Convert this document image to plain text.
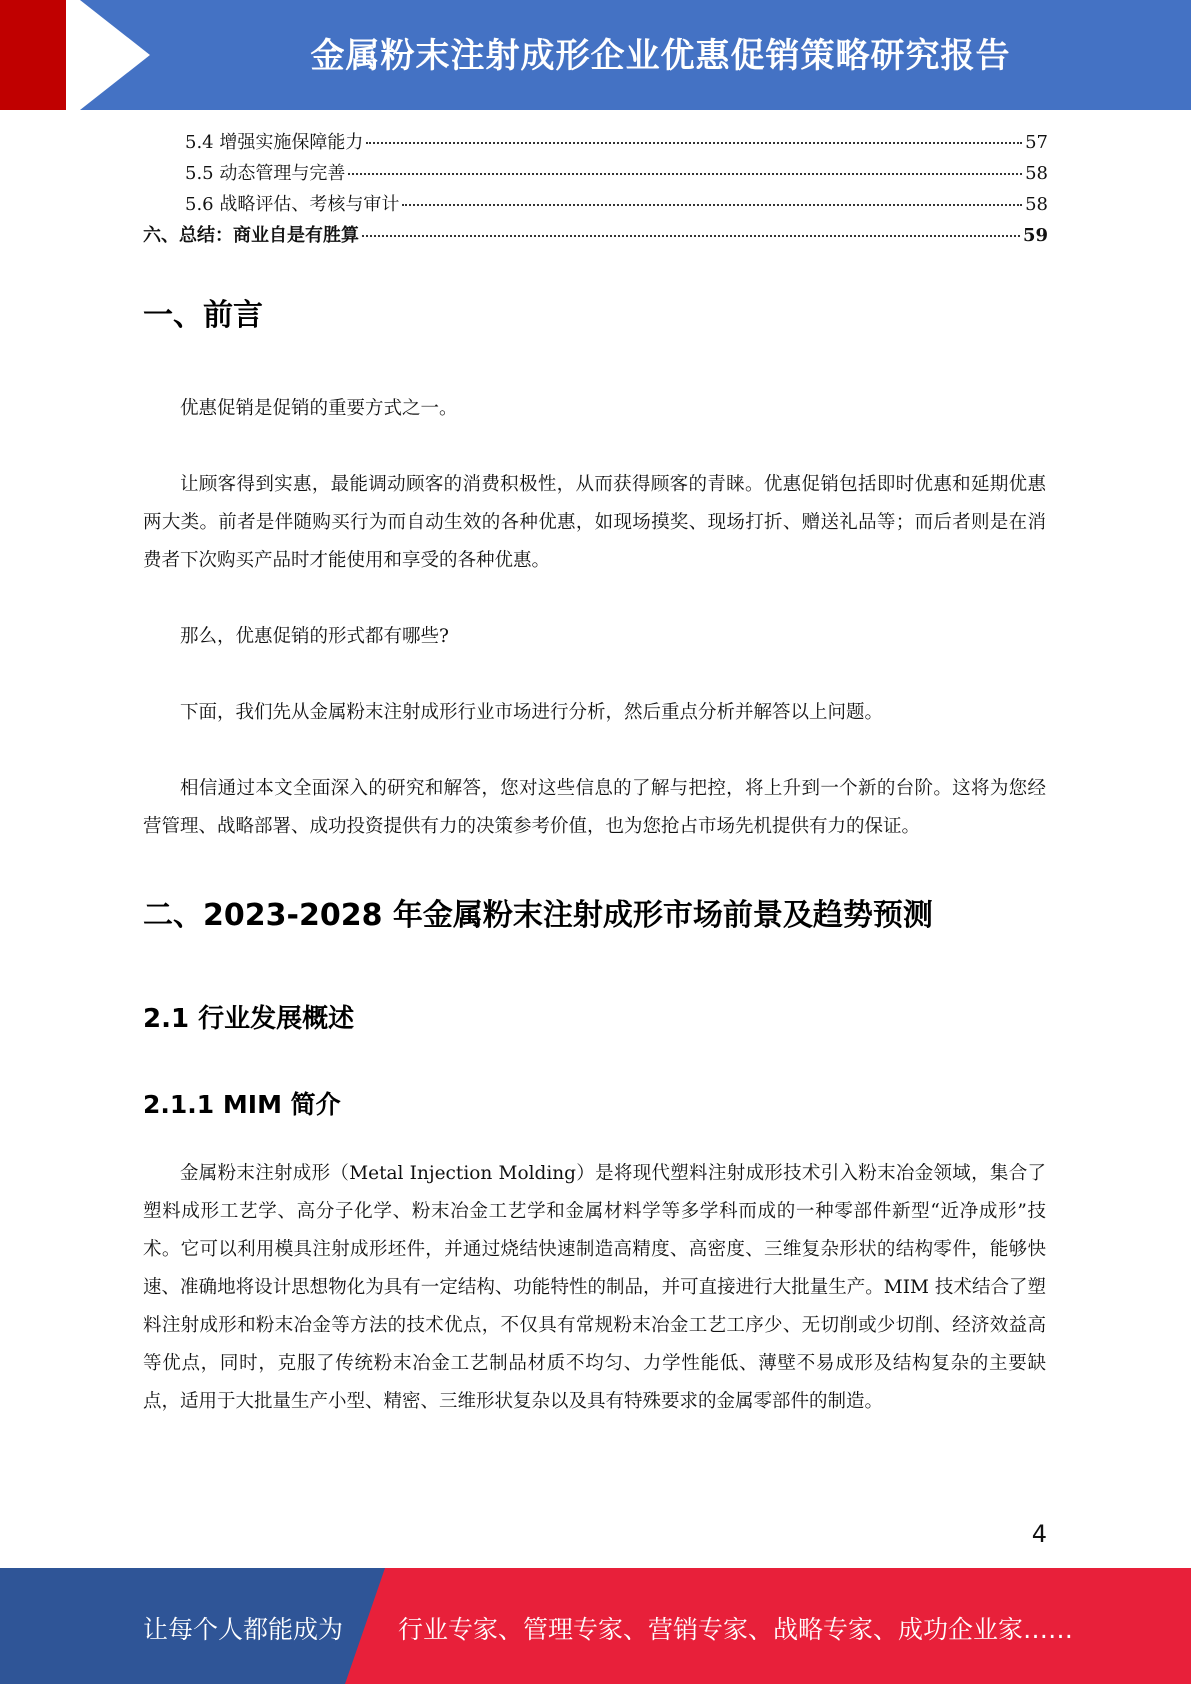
金属粉末注射成形企业优惠促销策略研究报告
5.4 增强实施保障能力	57
5.5 动态管理与完善	58
5.6 战略评估、考核与审计	58
六、总结：商业自是有胜算	59
一、前言

优惠促销是促销的重要方式之一。

让顾客得到实惠，最能调动顾客的消费积极性，从而获得顾客的青睐。优惠促销包括即时优惠和延期优惠两大类。前者是伴随购买行为而自动生效的各种优惠，如现场摸奖、现场打折、赠送礼品等；而后者则是在消费者下次购买产品时才能使用和享受的各种优惠。

那么，优惠促销的形式都有哪些?

下面，我们先从金属粉末注射成形行业市场进行分析，然后重点分析并解答以上问题。

相信通过本文全面深入的研究和解答，您对这些信息的了解与把控，将上升到一个新的台阶。这将为您经营管理、战略部署、成功投资提供有力的决策参考价值，也为您抢占市场先机提供有力的保证。

二、2023-2028 年金属粉末注射成形市场前景及趋势预测
2.1 行业发展概述
2.1.1 MIM 简介

金属粉末注射成形（Metal Injection Molding）是将现代塑料注射成形技术引入粉末冶金领域，集合了塑料成形工艺学、高分子化学、粉末冶金工艺学和金属材料学等多学科而成的一种零部件新型“近净成形”技术。它可以利用模具注射成形坯件，并通过烧结快速制造高精度、高密度、三维复杂形状的结构零件，能够快速、准确地将设计思想物化为具有一定结构、功能特性的制品，并可直接进行大批量生产。MIM 技术结合了塑料注射成形和粉末冶金等方法的技术优点，不仅具有常规粉末冶金工艺工序少、无切削或少切削、经济效益高等优点，同时，克服了传统粉末冶金工艺制品材质不均匀、力学性能低、薄壁不易成形及结构复杂的主要缺点，适用于大批量生产小型、精密、三维形状复杂以及具有特殊要求的金属零部件的制造。

4
让每个人都能成为 行业专家、管理专家、营销专家、战略专家、成功企业家……
